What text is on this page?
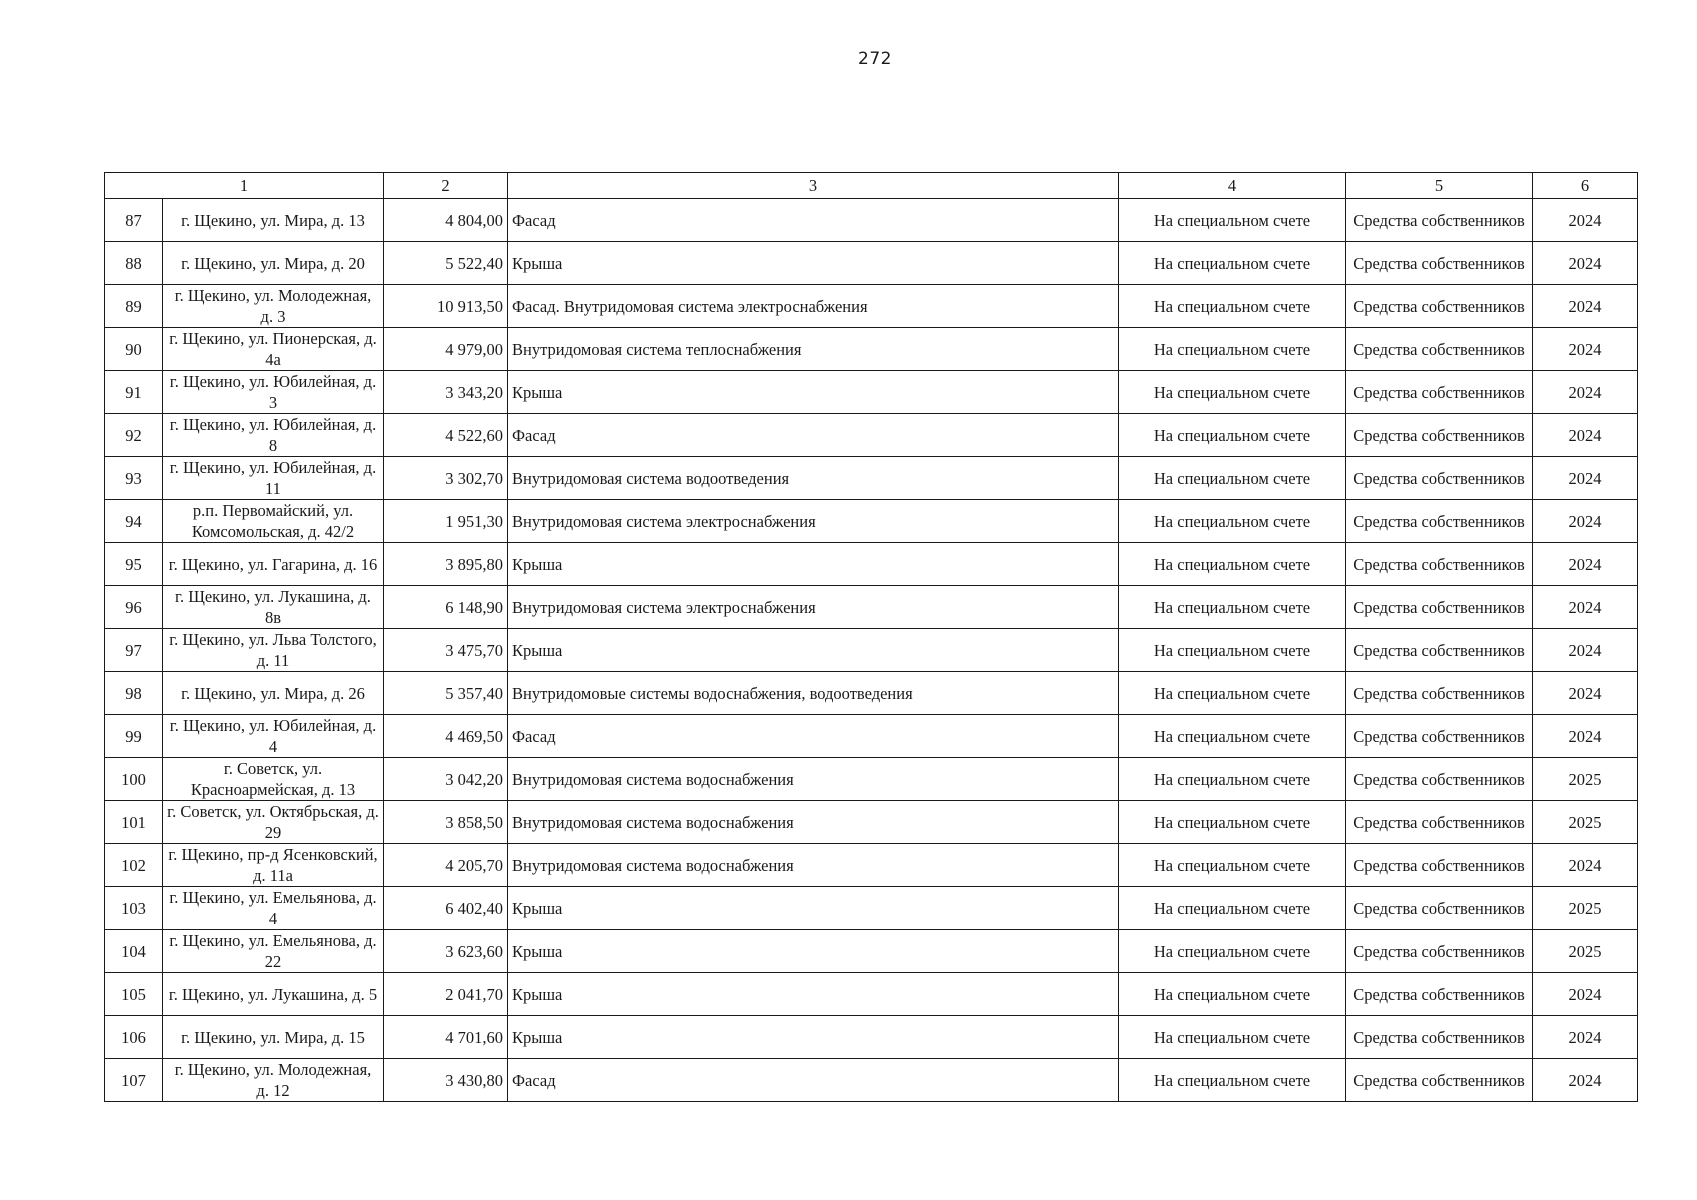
272
1		2	3	4	5	6
87	г. Щекино, ул. Мира, д. 13	4 804,00	Фасад	На специальном счете	Средства собственников	2024
88	г. Щекино, ул. Мира, д. 20	5 522,40	Крыша	На специальном счете	Средства собственников	2024
89	г. Щекино, ул. Молодежная, д. 3	10 913,50	Фасад. Внутридомовая система электроснабжения	На специальном счете	Средства собственников	2024
90	г. Щекино, ул. Пионерская, д. 4а	4 979,00	Внутридомовая система теплоснабжения	На специальном счете	Средства собственников	2024
91	г. Щекино, ул. Юбилейная, д. 3	3 343,20	Крыша	На специальном счете	Средства собственников	2024
92	г. Щекино, ул. Юбилейная, д. 8	4 522,60	Фасад	На специальном счете	Средства собственников	2024
93	г. Щекино, ул. Юбилейная, д. 11	3 302,70	Внутридомовая система водоотведения	На специальном счете	Средства собственников	2024
94	р.п. Первомайский, ул. Комсомольская, д. 42/2	1 951,30	Внутридомовая система электроснабжения	На специальном счете	Средства собственников	2024
95	г. Щекино, ул. Гагарина, д. 16	3 895,80	Крыша	На специальном счете	Средства собственников	2024
96	г. Щекино, ул. Лукашина, д. 8в	6 148,90	Внутридомовая система электроснабжения	На специальном счете	Средства собственников	2024
97	г. Щекино, ул. Льва Толстого, д. 11	3 475,70	Крыша	На специальном счете	Средства собственников	2024
98	г. Щекино, ул. Мира, д. 26	5 357,40	Внутридомовые системы водоснабжения, водоотведения	На специальном счете	Средства собственников	2024
99	г. Щекино, ул. Юбилейная, д. 4	4 469,50	Фасад	На специальном счете	Средства собственников	2024
100	г. Советск, ул. Красноармейская, д. 13	3 042,20	Внутридомовая система водоснабжения	На специальном счете	Средства собственников	2025
101	г. Советск, ул. Октябрьская, д. 29	3 858,50	Внутридомовая система водоснабжения	На специальном счете	Средства собственников	2025
102	г. Щекино, пр-д Ясенковский, д. 11а	4 205,70	Внутридомовая система водоснабжения	На специальном счете	Средства собственников	2024
103	г. Щекино, ул. Емельянова, д. 4	6 402,40	Крыша	На специальном счете	Средства собственников	2025
104	г. Щекино, ул. Емельянова, д. 22	3 623,60	Крыша	На специальном счете	Средства собственников	2025
105	г. Щекино, ул. Лукашина, д. 5	2 041,70	Крыша	На специальном счете	Средства собственников	2024
106	г. Щекино, ул. Мира, д. 15	4 701,60	Крыша	На специальном счете	Средства собственников	2024
107	г. Щекино, ул. Молодежная, д. 12	3 430,80	Фасад	На специальном счете	Средства собственников	2024
